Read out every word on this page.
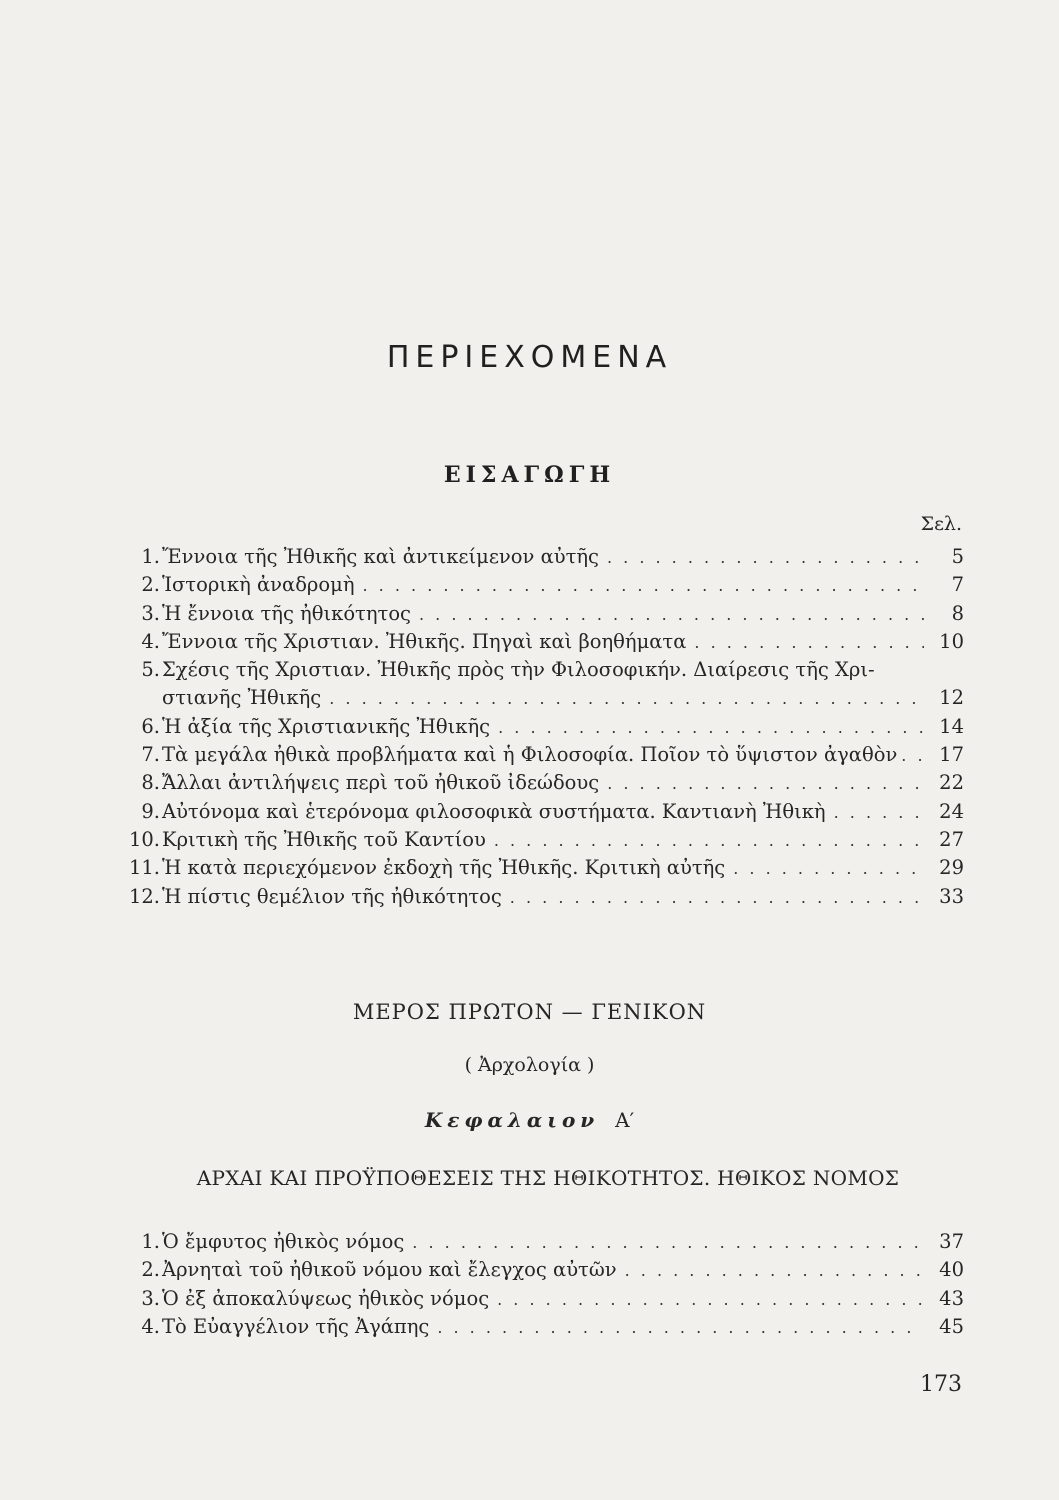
ΠΕΡΙΕΧΟΜΕΝΑ
ΕΙΣΑΓΩΓΗ
Σελ.
1. Ἔννοια τῆς Ἠθικῆς καὶ ἀντικείμενον αὐτῆς . . .	5
2. Ἱστορικὴ ἀναδρομὴ . . .	7
3. Ἡ ἔννοια τῆς ἠθικότητος . . .	8
4. Ἔννοια τῆς Χριστιαν. Ἠθικῆς. Πηγαὶ καὶ βοηθήματα . . .	10
5. Σχέσις τῆς Χριστιαν. Ἠθικῆς πρὸς τὴν Φιλοσοφικήν. Διαίρεσις τῆς Χρι-
στιανῆς Ἠθικῆς . . .	12
6. Ἡ ἀξία τῆς Χριστιανικῆς Ἠθικῆς . . .	14
7. Τὰ μεγάλα ἠθικὰ προβλήματα καὶ ἡ Φιλοσοφία. Ποῖον τὸ ὕψιστον ἀγαθὸν . . . 17
8. Ἄλλαι ἀντιλήψεις περὶ τοῦ ἠθικοῦ ἰδεώδους . . .	22
9. Αὐτόνομα καὶ ἑτερόνομα φιλοσοφικὰ συστήματα. Καντιανὴ Ἠθικὴ . . .	24
10. Κριτικὴ τῆς Ἠθικῆς τοῦ Καντίου . . .	27
11. Ἡ κατὰ περιεχόμενον ἐκδοχὴ τῆς Ἠθικῆς. Κριτικὴ αὐτῆς . . .	29
12. Ἡ πίστις θεμέλιον τῆς ἠθικότητος . . .	33
ΜΕΡΟΣ ΠΡΩΤΟΝ — ΓΕΝΙΚΟΝ
( Ἀρχολογία )
Κεφαλαιον Α′
ΑΡΧΑΙ ΚΑΙ ΠΡΟΫΠΟΘΕΣΕΙΣ ΤΗΣ ΗΘΙΚΟΤΗΤΟΣ. ΗΘΙΚΟΣ ΝΟΜΟΣ
1. Ὁ ἔμφυτος ἠθικὸς νόμος . . .	37
2. Ἀρνηταὶ τοῦ ἠθικοῦ νόμου καὶ ἔλεγχος αὐτῶν . . .	40
3. Ὁ ἐξ ἀποκαλύψεως ἠθικὸς νόμος . . .	43
4. Τὸ Εὐαγγέλιον τῆς Ἀγάπης . . .	45
173
